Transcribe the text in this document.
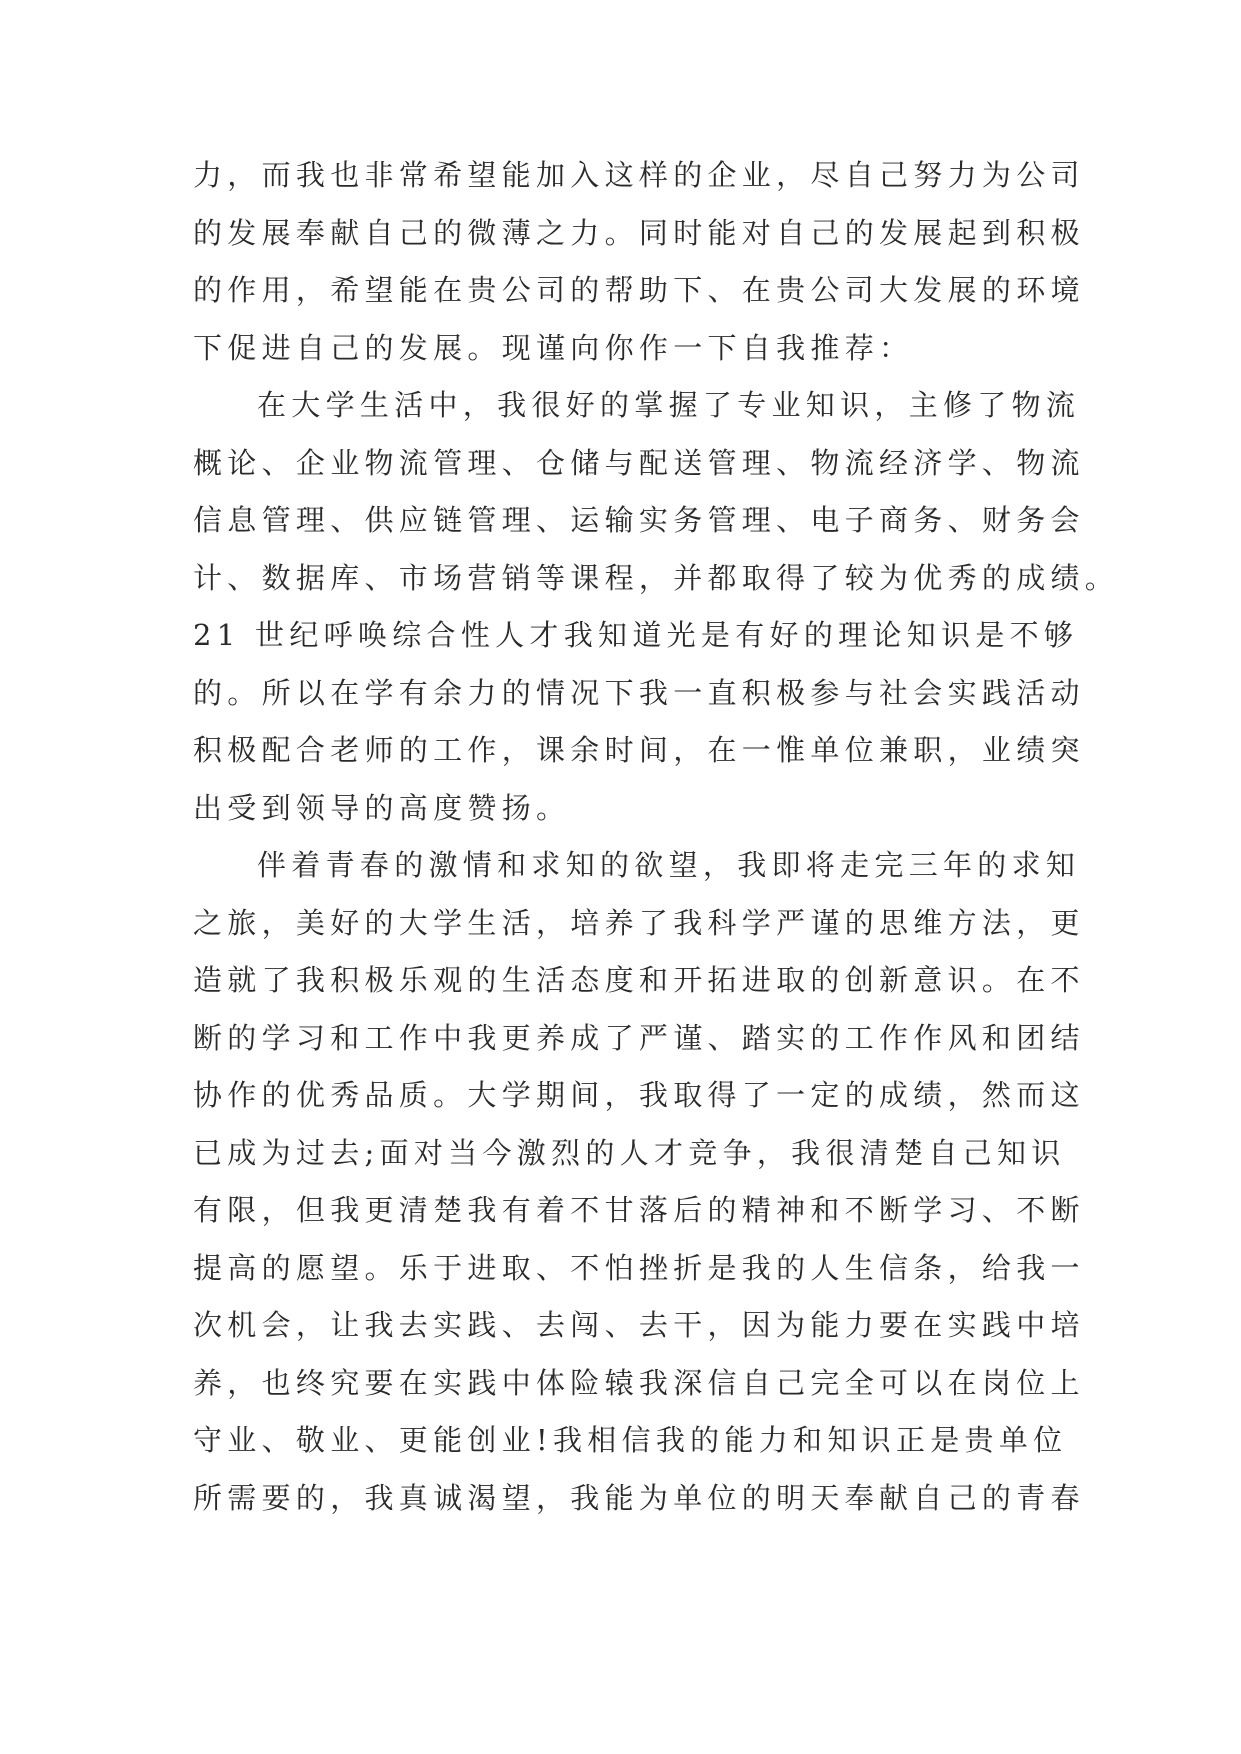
力，而我也非常希望能加入这样的企业，尽自己努力为公司
的发展奉献自己的微薄之力。同时能对自己的发展起到积极
的作用，希望能在贵公司的帮助下、在贵公司大发展的环境
下促进自己的发展。现谨向你作一下自我推荐：
在大学生活中，我很好的掌握了专业知识，主修了物流
概论、企业物流管理、仓储与配送管理、物流经济学、物流
信息管理、供应链管理、运输实务管理、电子商务、财务会
计、数据库、市场营销等课程，并都取得了较为优秀的成绩。
21 世纪呼唤综合性人才我知道光是有好的理论知识是不够
的。所以在学有余力的情况下我一直积极参与社会实践活动
积极配合老师的工作，课余时间，在一惟单位兼职，业绩突
出受到领导的高度赞扬。
伴着青春的激情和求知的欲望，我即将走完三年的求知
之旅，美好的大学生活，培养了我科学严谨的思维方法，更
造就了我积极乐观的生活态度和开拓进取的创新意识。在不
断的学习和工作中我更养成了严谨、踏实的工作作风和团结
协作的优秀品质。大学期间，我取得了一定的成绩，然而这
已成为过去;面对当今激烈的人才竞争，我很清楚自己知识
有限，但我更清楚我有着不甘落后的精神和不断学习、不断
提高的愿望。乐于进取、不怕挫折是我的人生信条，给我一
次机会，让我去实践、去闯、去干，因为能力要在实践中培
养，也终究要在实践中体险辕我深信自己完全可以在岗位上
守业、敬业、更能创业!我相信我的能力和知识正是贵单位
所需要的，我真诚渴望，我能为单位的明天奉献自己的青春
